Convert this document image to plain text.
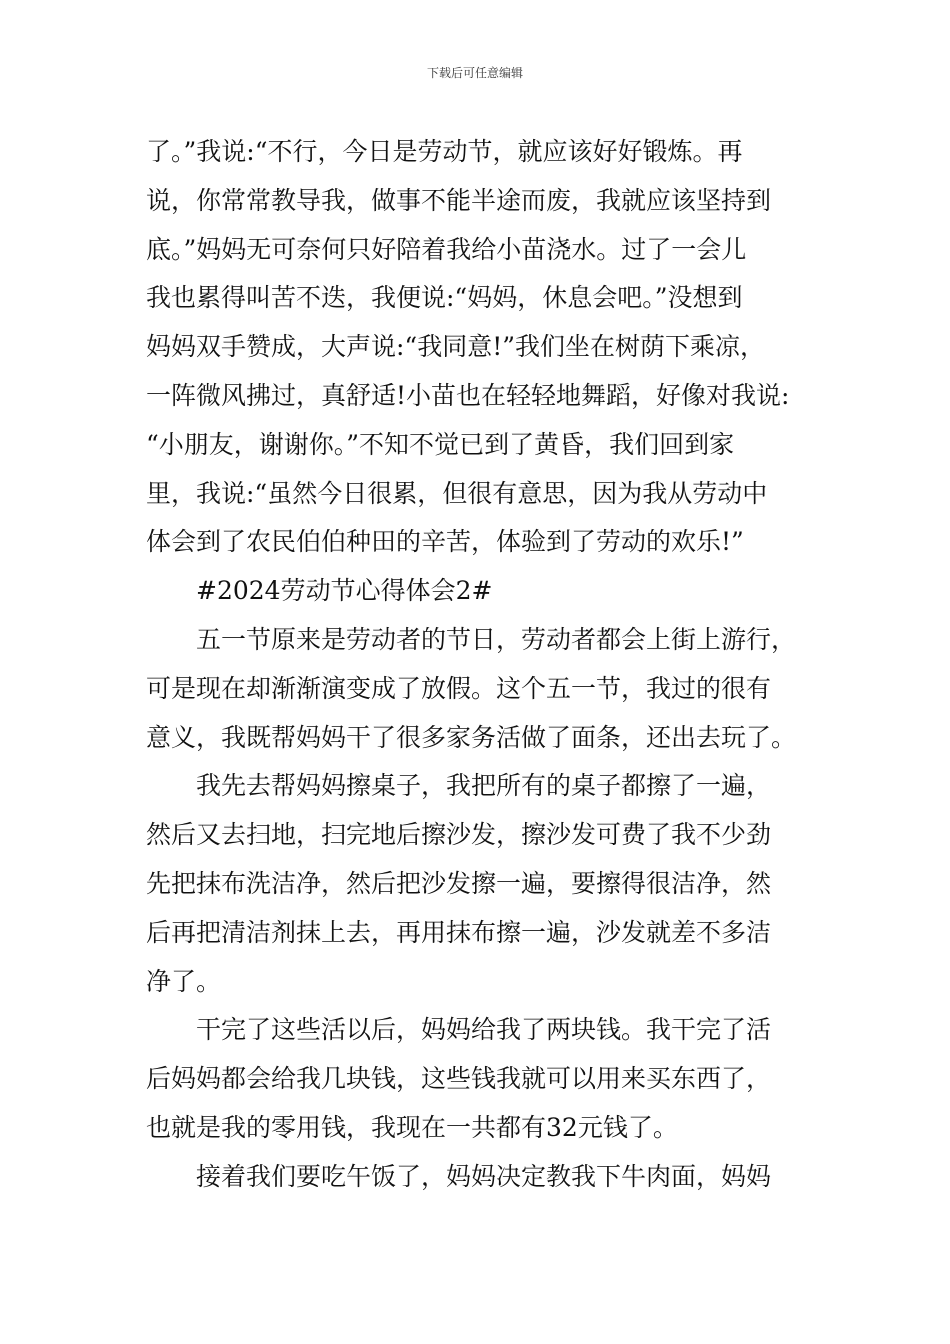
下载后可任意编辑
了。”我说:“不行，今日是劳动节，就应该好好锻炼。再
说，你常常教导我，做事不能半途而废，我就应该坚持到
底。”妈妈无可奈何只好陪着我给小苗浇水。过了一会儿
我也累得叫苦不迭，我便说:“妈妈，休息会吧。”没想到
妈妈双手赞成，大声说:“我同意!”我们坐在树荫下乘凉，
一阵微风拂过，真舒适!小苗也在轻轻地舞蹈，好像对我说:
“小朋友，谢谢你。”不知不觉已到了黄昏，我们回到家
里，我说:“虽然今日很累，但很有意思，因为我从劳动中
体会到了农民伯伯种田的辛苦，体验到了劳动的欢乐!”
#2024劳动节心得体会2#
五一节原来是劳动者的节日，劳动者都会上街上游行，
可是现在却渐渐演变成了放假。这个五一节，我过的很有
意义，我既帮妈妈干了很多家务活做了面条，还出去玩了。
我先去帮妈妈擦桌子，我把所有的桌子都擦了一遍，
然后又去扫地，扫完地后擦沙发，擦沙发可费了我不少劲
先把抹布洗洁净，然后把沙发擦一遍，要擦得很洁净，然
后再把清洁剂抹上去，再用抹布擦一遍，沙发就差不多洁
净了。
干完了这些活以后，妈妈给我了两块钱。我干完了活
后妈妈都会给我几块钱，这些钱我就可以用来买东西了，
也就是我的零用钱，我现在一共都有32元钱了。
接着我们要吃午饭了，妈妈决定教我下牛肉面，妈妈
